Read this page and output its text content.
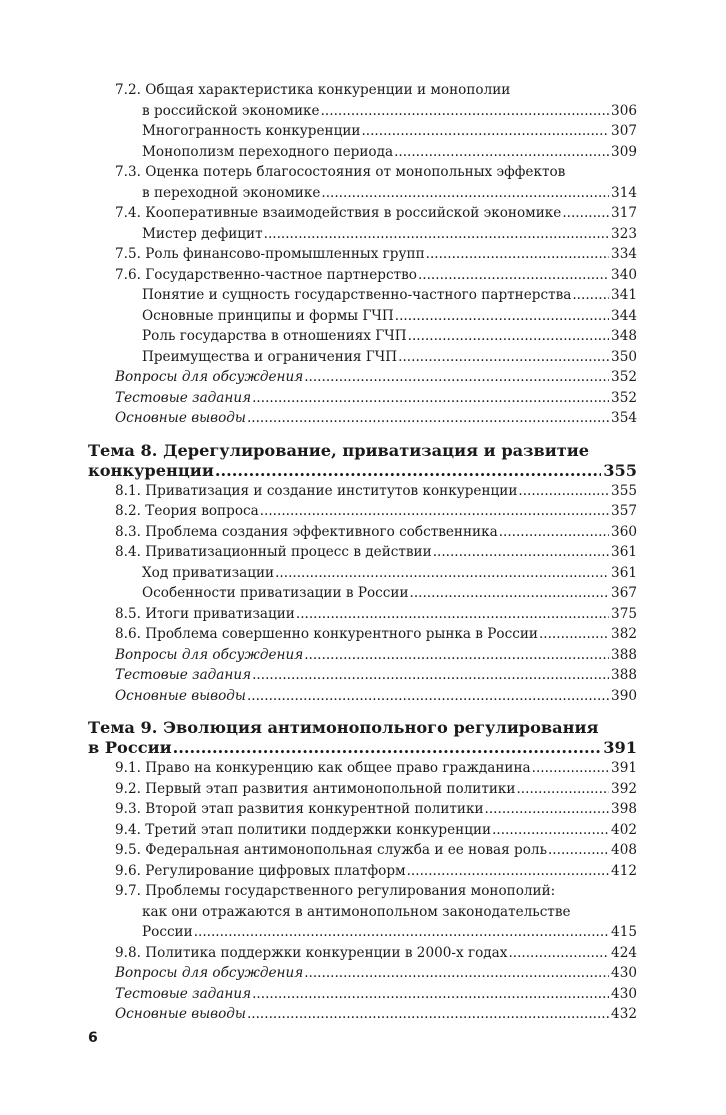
7.2. Общая характеристика конкуренции и монополии
в российской экономике .....	306
Многогранность конкуренции .....	307
Монополизм переходного периода .....	309
7.3. Оценка потерь благосостояния от монопольных эффектов
в переходной экономике .....	314
7.4. Кооперативные взаимодействия в российской экономике .....	317
Мистер дефицит .....	323
7.5. Роль финансово-промышленных групп .....	334
7.6. Государственно-частное партнерство .....	340
Понятие и сущность государственно-частного партнерства .....	341
Основные принципы и формы ГЧП .....	344
Роль государства в отношениях ГЧП .....	348
Преимущества и ограничения ГЧП .....	350
Вопросы для обсуждения .....	352
Тестовые задания .....	352
Основные выводы .....	354
Тема 8. Дерегулирование, приватизация и развитие
конкуренции .....	355
8.1. Приватизация и создание институтов конкуренции .....	355
8.2. Теория вопроса .....	357
8.3. Проблема создания эффективного собственника .....	360
8.4. Приватизационный процесс в действии .....	361
Ход приватизации .....	361
Особенности приватизации в России .....	367
8.5. Итоги приватизации .....	375
8.6. Проблема совершенно конкурентного рынка в России .....	382
Вопросы для обсуждения .....	388
Тестовые задания .....	388
Основные выводы .....	390
Тема 9. Эволюция антимонопольного регулирования
в России .....	391
9.1. Право на конкуренцию как общее право гражданина .....	391
9.2. Первый этап развития антимонопольной политики .....	392
9.3. Второй этап развития конкурентной политики .....	398
9.4. Третий этап политики поддержки конкуренции .....	402
9.5. Федеральная антимонопольная служба и ее новая роль .....	408
9.6. Регулирование цифровых платформ .....	412
9.7. Проблемы государственного регулирования монополий:
как они отражаются в антимонопольном законодательстве
России .....	415
9.8. Политика поддержки конкуренции в 2000-х годах .....	424
Вопросы для обсуждения .....	430
Тестовые задания .....	430
Основные выводы .....	432
6
